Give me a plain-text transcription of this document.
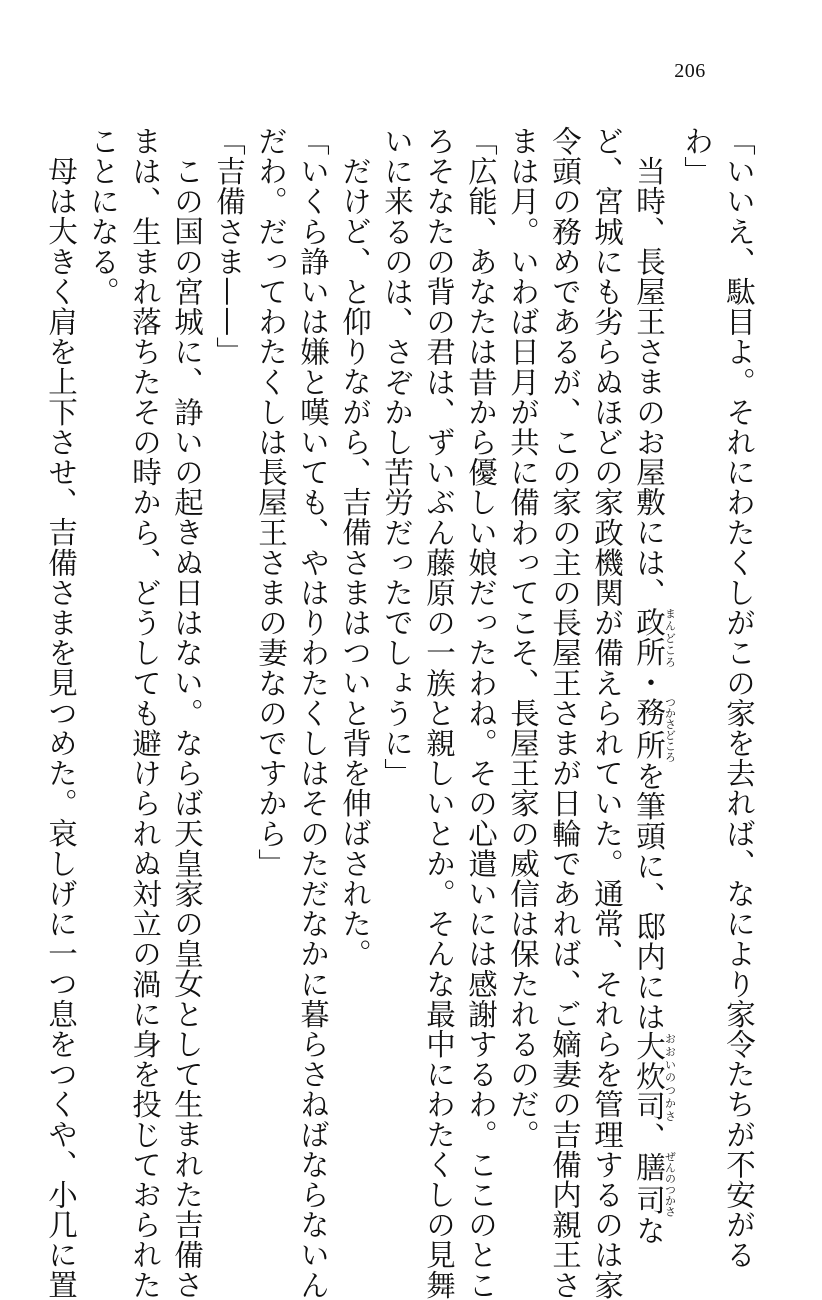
206
「いいえ、駄目よ。それにわたくしがこの家を去れば、なにより家令たちが不安がる
わ」
当時、長屋王さまのお屋敷には、政所まんどころ・務所つかさどころを筆頭に、邸内には大炊司おおいのつかさ、膳司ぜんのつかさな
ど、宮城にも劣らぬほどの家政機関が備えられていた。通常、それらを管理するのは家
令頭の務めであるが、この家の主の長屋王さまが日輪であれば、ご嫡妻の吉備内親王さ
まは月。いわば日月が共に備わってこそ、長屋王家の威信は保たれるのだ。
「広能、あなたは昔から優しい娘だったわね。その心遣いには感謝するわ。ここのとこ
ろそなたの背の君は、ずいぶん藤原の一族と親しいとか。そんな最中にわたくしの見舞
いに来るのは、さぞかし苦労だったでしょうに」
だけど、と仰りながら、吉備さまはついと背を伸ばされた。
「いくら諍いは嫌と嘆いても、やはりわたくしはそのただなかに暮らさねばならないん
だわ。だってわたくしは長屋王さまの妻なのですから」
「吉備さま——」
この国の宮城に、諍いの起きぬ日はない。ならば天皇家の皇女として生まれた吉備さ
まは、生まれ落ちたその時から、どうしても避けられぬ対立の渦に身を投じておられた
ことになる。
母は大きく肩を上下させ、吉備さまを見つめた。哀しげに一つ息をつくや、小几に置
